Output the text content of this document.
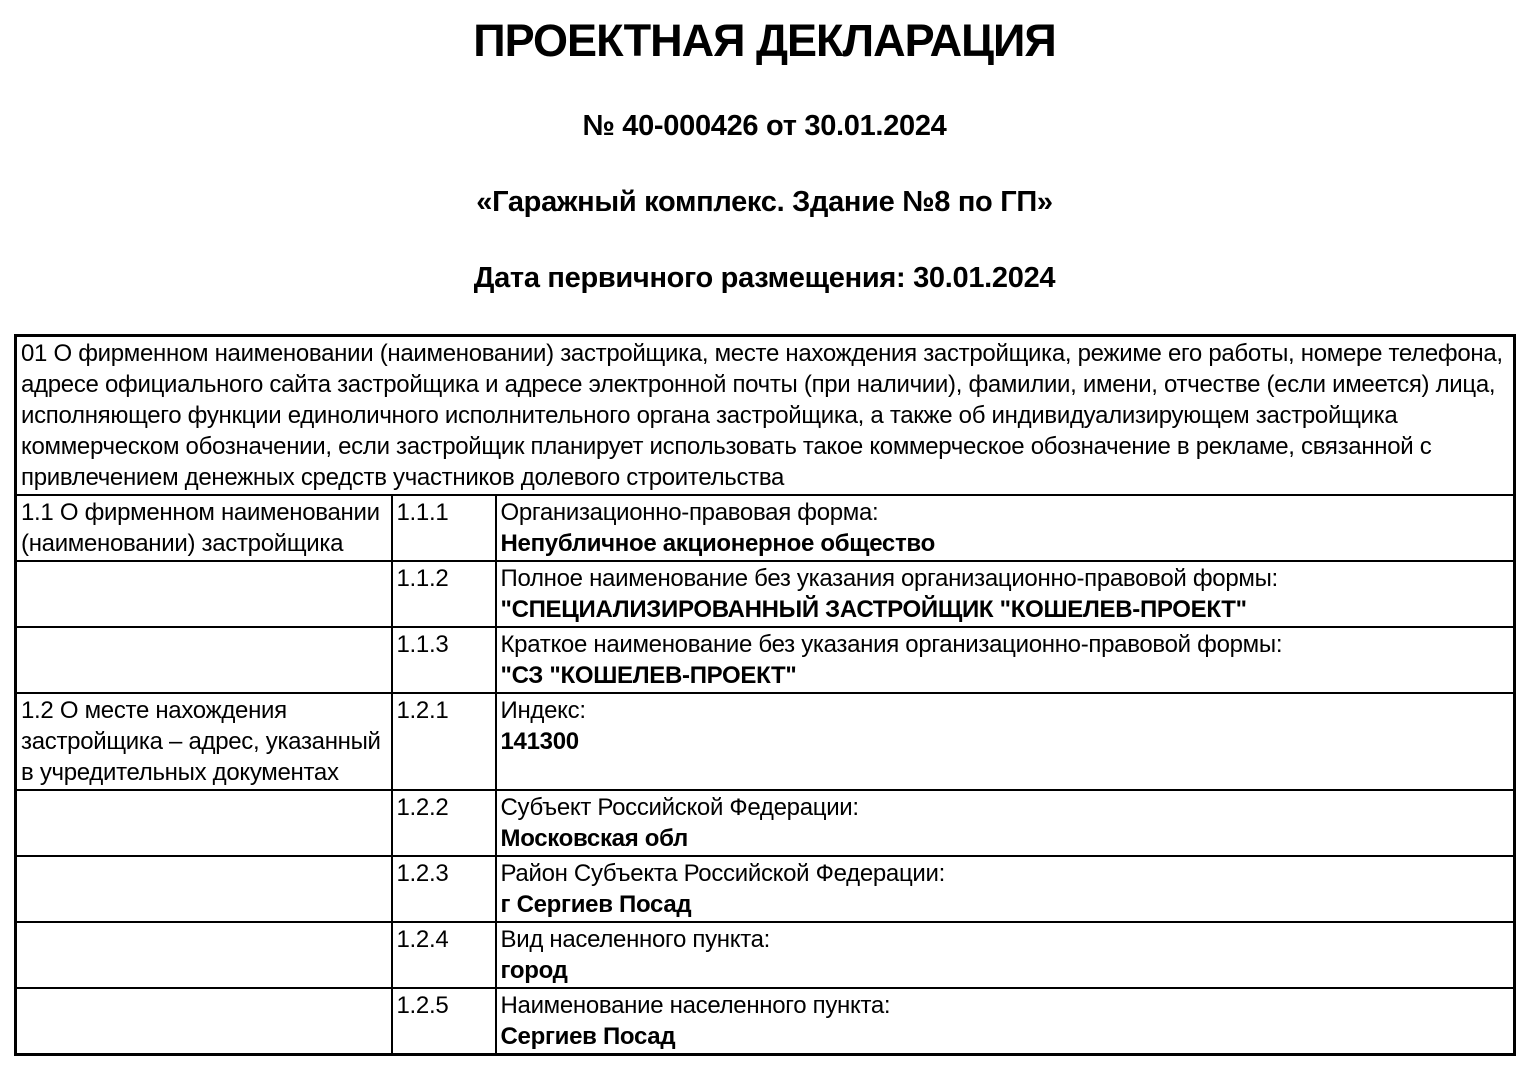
ПРОЕКТНАЯ ДЕКЛАРАЦИЯ

№ 40-000426 от 30.01.2024

«Гаражный комплекс. Здание №8 по ГП»

Дата первичного размещения: 30.01.2024

01 О фирменном наименовании (наименовании) застройщика, месте нахождения застройщика, режиме его работы, номере телефона, адресе официального сайта застройщика и адресе электронной почты (при наличии), фамилии, имени, отчестве (если имеется) лица, исполняющего функции единоличного исполнительного органа застройщика, а также об индивидуализирующем застройщика коммерческом обозначении, если застройщик планирует использовать такое коммерческое обозначение в рекламе, связанной с привлечением денежных средств участников долевого строительства		
1.1 О фирменном наименовании (наименовании) застройщика	1.1.1	Организационно-правовая форма:
Непубличное акционерное общество

	1.1.2	Полное наименование без указания организационно-правовой формы:
"СПЕЦИАЛИЗИРОВАННЫЙ ЗАСТРОЙЩИК "КОШЕЛЕВ-ПРОЕКТ"

	1.1.3	Краткое наименование без указания организационно-правовой формы:
"СЗ "КОШЕЛЕВ-ПРОЕКТ"

1.2 О месте нахождения застройщика – адрес, указанный в учредительных документах	1.2.1	Индекс:
141300

	1.2.2	Субъект Российской Федерации:
Московская обл

	1.2.3	Район Субъекта Российской Федерации:
г Сергиев Посад

	1.2.4	Вид населенного пункта:
город

	1.2.5	Наименование населенного пункта:
Сергиев Посад
